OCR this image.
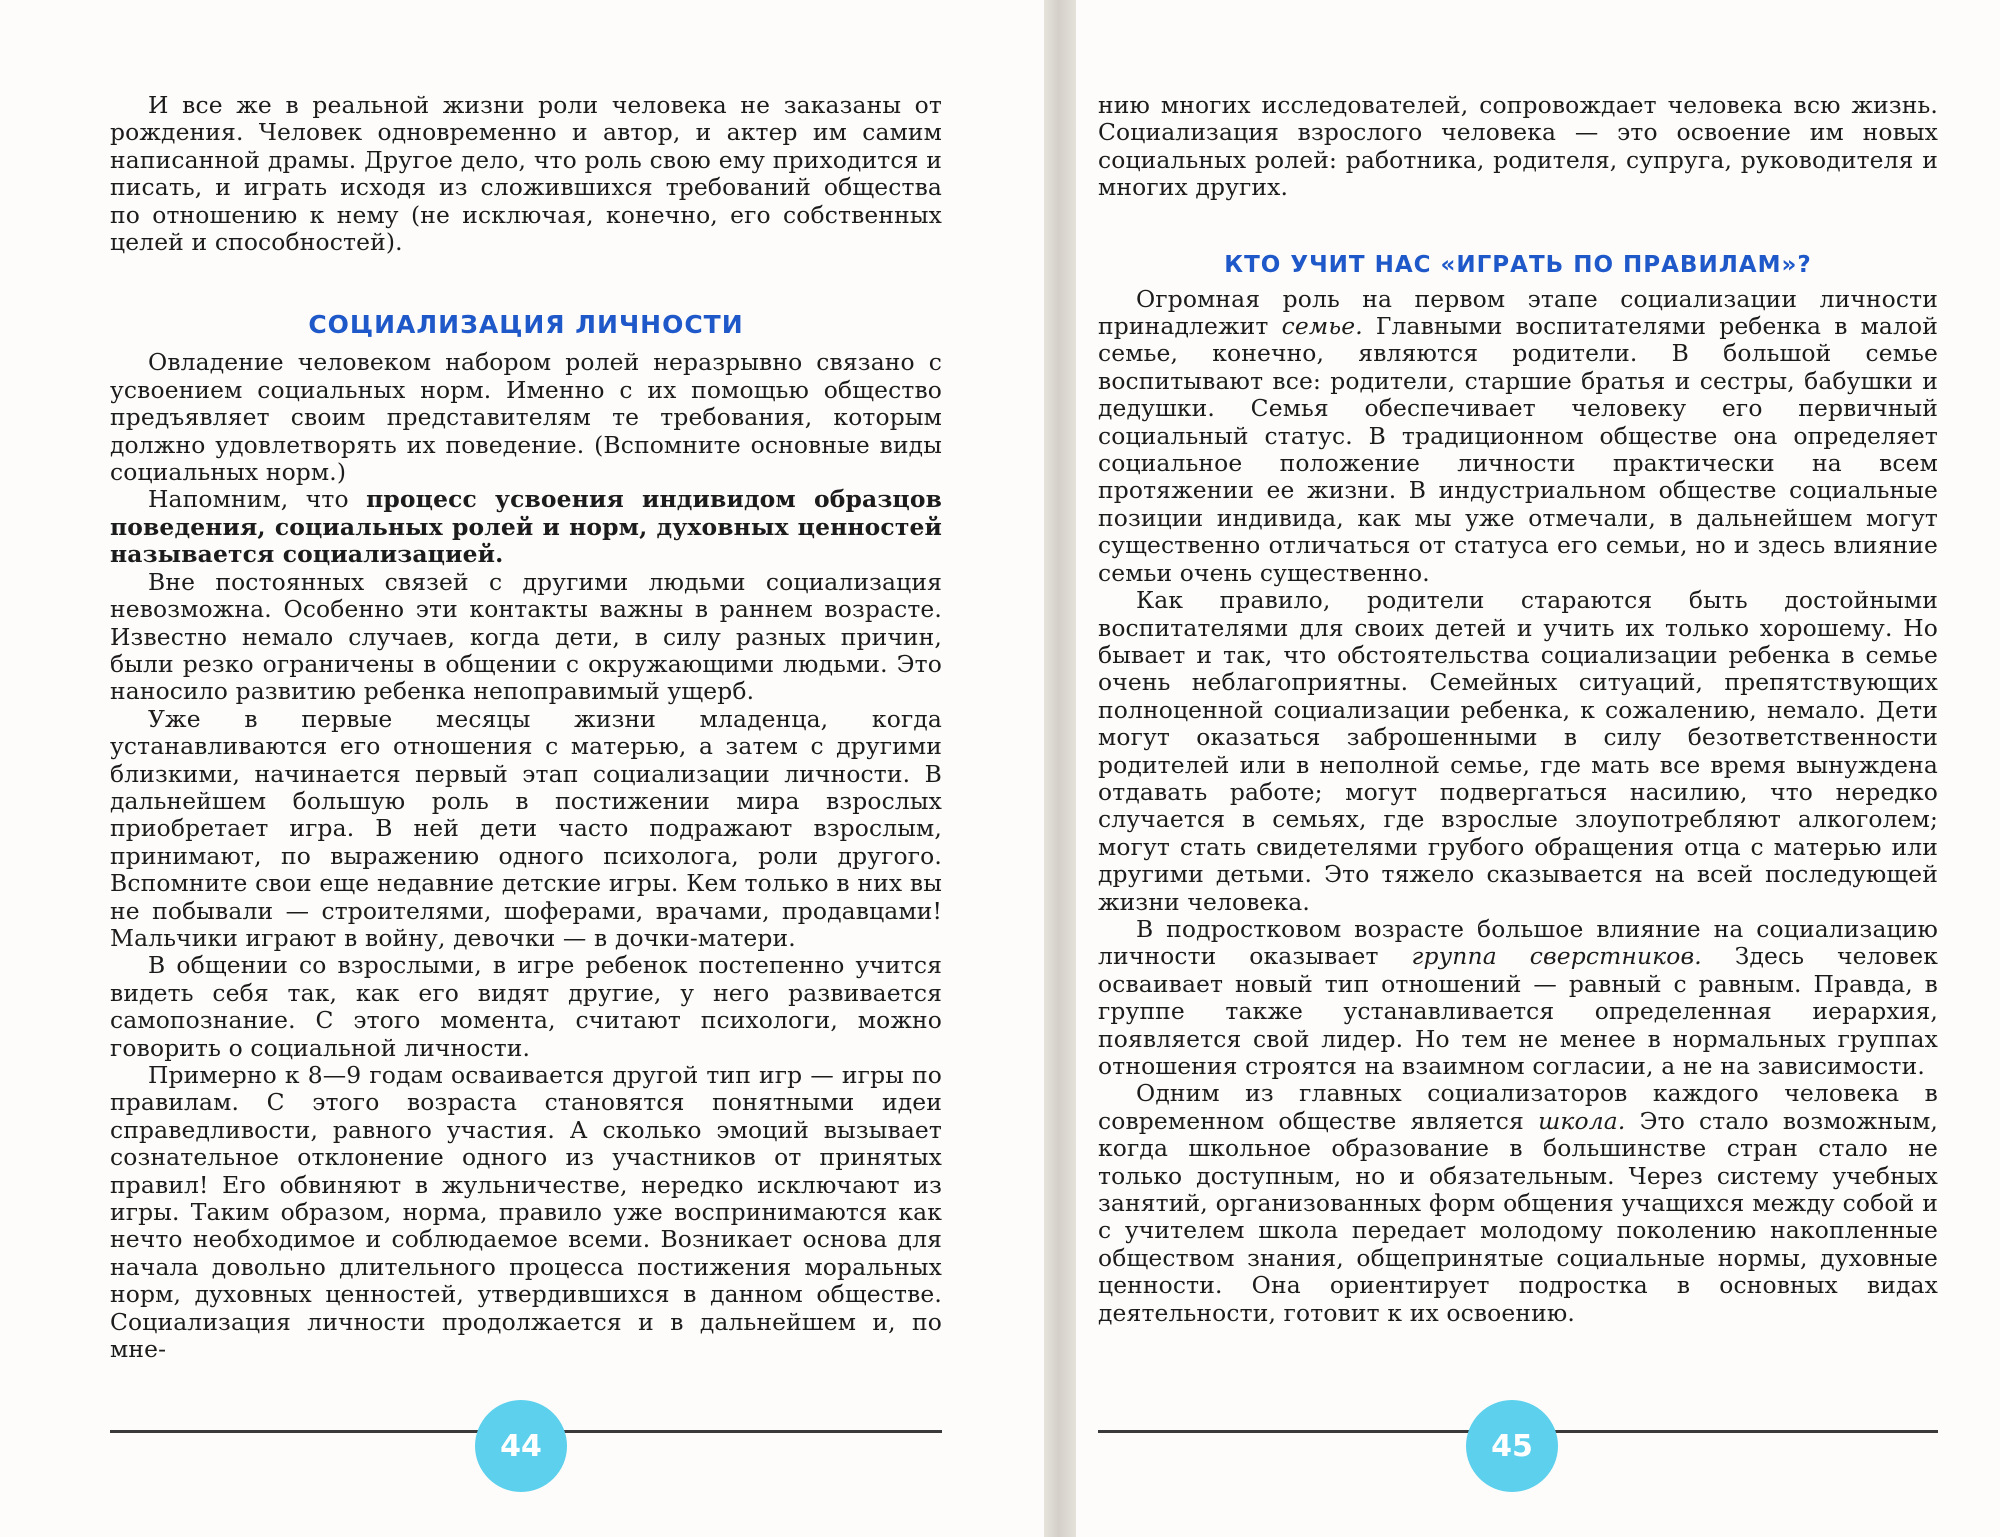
И все же в реальной жизни роли человека не заказаны от рождения. Человек одновременно и автор, и актер им самим написанной драмы. Другое дело, что роль свою ему приходится и писать, и играть исходя из сложившихся требований общества по отношению к нему (не исключая, конечно, его собственных целей и способностей).

СОЦИАЛИЗАЦИЯ ЛИЧНОСТИ

Овладение человеком набором ролей неразрывно связано с усвоением социальных норм. Именно с их помощью общество предъявляет своим представителям те требования, которым должно удовлетворять их поведение. (Вспомните основные виды социальных норм.)

Напомним, что процесс усвоения индивидом образцов поведения, социальных ролей и норм, духовных ценностей называется социализацией.

Вне постоянных связей с другими людьми социализация невозможна. Особенно эти контакты важны в раннем возрасте. Известно немало случаев, когда дети, в силу разных причин, были резко ограничены в общении с окружающими людьми. Это наносило развитию ребенка непоправимый ущерб.

Уже в первые месяцы жизни младенца, когда устанавливаются его отношения с матерью, а затем с другими близкими, начинается первый этап социализации личности. В дальнейшем большую роль в постижении мира взрослых приобретает игра. В ней дети часто подражают взрослым, принимают, по выражению одного психолога, роли другого. Вспомните свои еще недавние детские игры. Кем только в них вы не побывали — строителями, шоферами, врачами, продавцами! Мальчики играют в войну, девочки — в дочки-матери.

В общении со взрослыми, в игре ребенок постепенно учится видеть себя так, как его видят другие, у него развивается самопознание. С этого момента, считают психологи, можно говорить о социальной личности.

Примерно к 8—9 годам осваивается другой тип игр — игры по правилам. С этого возраста становятся понятными идеи справедливости, равного участия. А сколько эмоций вызывает сознательное отклонение одного из участников от принятых правил! Его обвиняют в жульничестве, нередко исключают из игры. Таким образом, норма, правило уже воспринимаются как нечто необходимое и соблюдаемое всеми. Возникает основа для начала довольно длительного процесса постижения моральных норм, духовных ценностей, утвердившихся в данном обществе. Социализация личности продолжается и в дальнейшем и, по мне-

44

нию многих исследователей, сопровождает человека всю жизнь. Социализация взрослого человека — это освоение им новых социальных ролей: работника, родителя, супруга, руководителя и многих других.

КТО УЧИТ НАС «ИГРАТЬ ПО ПРАВИЛАМ»?

Огромная роль на первом этапе социализации личности принадлежит семье. Главными воспитателями ребенка в малой семье, конечно, являются родители. В большой семье воспитывают все: родители, старшие братья и сестры, бабушки и дедушки. Семья обеспечивает человеку его первичный социальный статус. В традиционном обществе она определяет социальное положение личности практически на всем протяжении ее жизни. В индустриальном обществе социальные позиции индивида, как мы уже отмечали, в дальнейшем могут существенно отличаться от статуса его семьи, но и здесь влияние семьи очень существенно.

Как правило, родители стараются быть достойными воспитателями для своих детей и учить их только хорошему. Но бывает и так, что обстоятельства социализации ребенка в семье очень неблагоприятны. Семейных ситуаций, препятствующих полноценной социализации ребенка, к сожалению, немало. Дети могут оказаться заброшенными в силу безответственности родителей или в неполной семье, где мать все время вынуждена отдавать работе; могут подвергаться насилию, что нередко случается в семьях, где взрослые злоупотребляют алкоголем; могут стать свидетелями грубого обращения отца с матерью или другими детьми. Это тяжело сказывается на всей последующей жизни человека.

В подростковом возрасте большое влияние на социализацию личности оказывает группа сверстников. Здесь человек осваивает новый тип отношений — равный с равным. Правда, в группе также устанавливается определенная иерархия, появляется свой лидер. Но тем не менее в нормальных группах отношения строятся на взаимном согласии, а не на зависимости.

Одним из главных социализаторов каждого человека в современном обществе является школа. Это стало возможным, когда школьное образование в большинстве стран стало не только доступным, но и обязательным. Через систему учебных занятий, организованных форм общения учащихся между собой и с учителем школа передает молодому поколению накопленные обществом знания, общепринятые социальные нормы, духовные ценности. Она ориентирует подростка в основных видах деятельности, готовит к их освоению.

45
